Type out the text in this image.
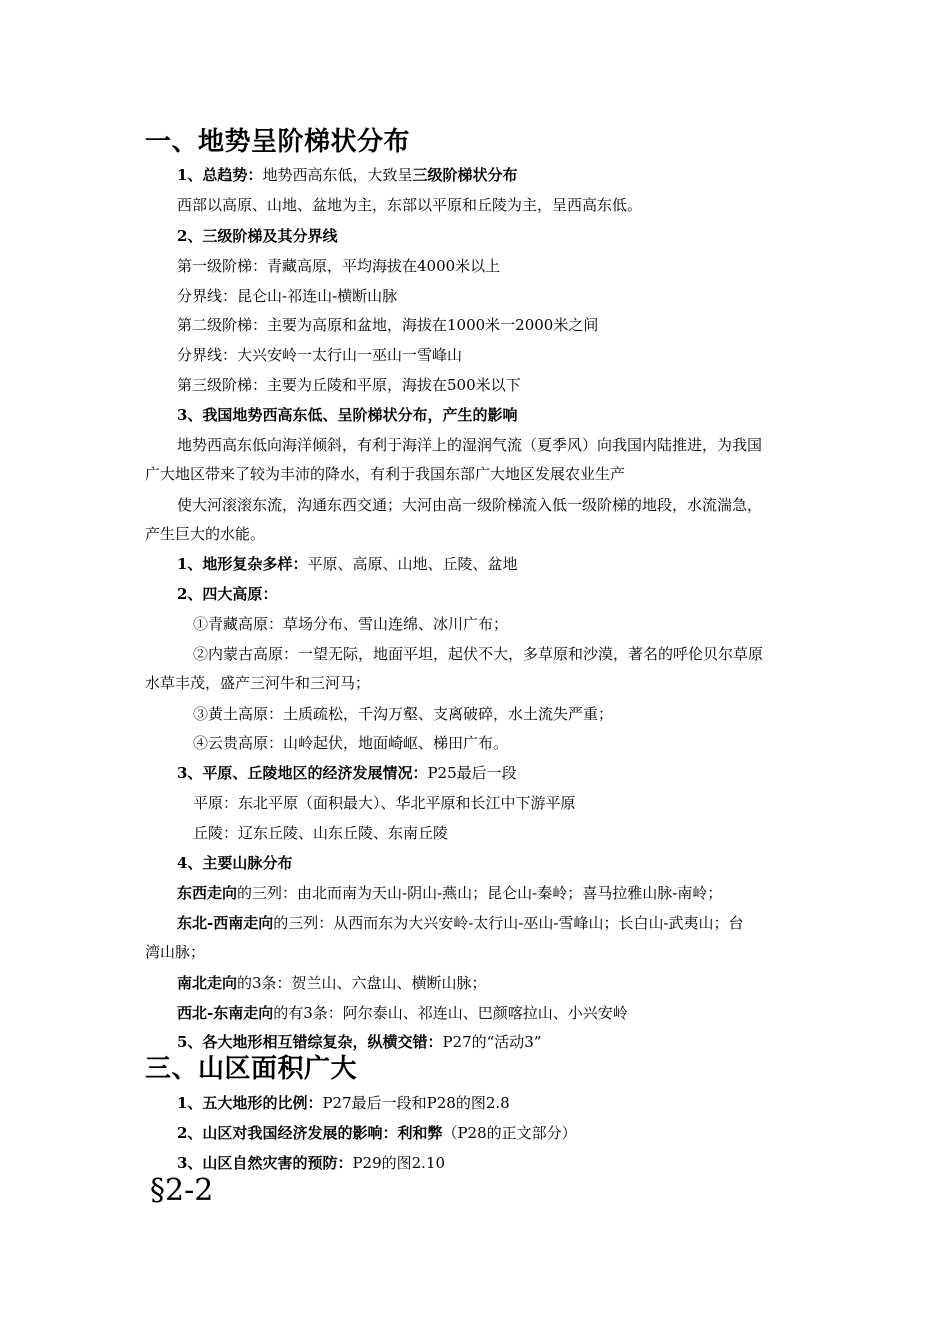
一、地势呈阶梯状分布
1、总趋势：地势西高东低，大致呈三级阶梯状分布
西部以高原、山地、盆地为主，东部以平原和丘陵为主，呈西高东低。
2、三级阶梯及其分界线
第一级阶梯：青藏高原，平均海拔在4000米以上
分界线：昆仑山-祁连山-横断山脉
第二级阶梯：主要为高原和盆地，海拔在1000米一2000米之间
分界线：大兴安岭一太行山一巫山一雪峰山
第三级阶梯：主要为丘陵和平原，海拔在500米以下
3、我国地势西高东低、呈阶梯状分布，产生的影响
地势西高东低向海洋倾斜，有利于海洋上的湿润气流（夏季风）向我国内陆推进，为我国
广大地区带来了较为丰沛的降水，有利于我国东部广大地区发展农业生产
使大河滚滚东流，沟通东西交通；大河由高一级阶梯流入低一级阶梯的地段，水流湍急，
产生巨大的水能。
1、地形复杂多样：平原、高原、山地、丘陵、盆地
2、四大高原：
①青藏高原：草场分布、雪山连绵、冰川广布；
②内蒙古高原：一望无际，地面平坦，起伏不大，多草原和沙漠，著名的呼伦贝尔草原
水草丰茂，盛产三河牛和三河马；
③黄土高原：土质疏松，千沟万壑、支离破碎，水土流失严重；
④云贵高原：山岭起伏，地面崎岖、梯田广布。
3、平原、丘陵地区的经济发展情况：P25最后一段
平原：东北平原（面积最大）、华北平原和长江中下游平原
丘陵：辽东丘陵、山东丘陵、东南丘陵
4、主要山脉分布
东西走向的三列：由北而南为天山-阴山-燕山；昆仑山-秦岭；喜马拉雅山脉-南岭；
东北-西南走向的三列：从西而东为大兴安岭-太行山-巫山-雪峰山；长白山-武夷山；台
湾山脉；
南北走向的3条：贺兰山、六盘山、横断山脉；
西北-东南走向的有3条：阿尔泰山、祁连山、巴颜喀拉山、小兴安岭
5、各大地形相互错综复杂，纵横交错：P27的“活动3”
三、山区面积广大
1、五大地形的比例：P27最后一段和P28的图2.8
2、山区对我国经济发展的影响：利和弊（P28的正文部分）
3、山区自然灾害的预防：P29的图2.10
§2-2
